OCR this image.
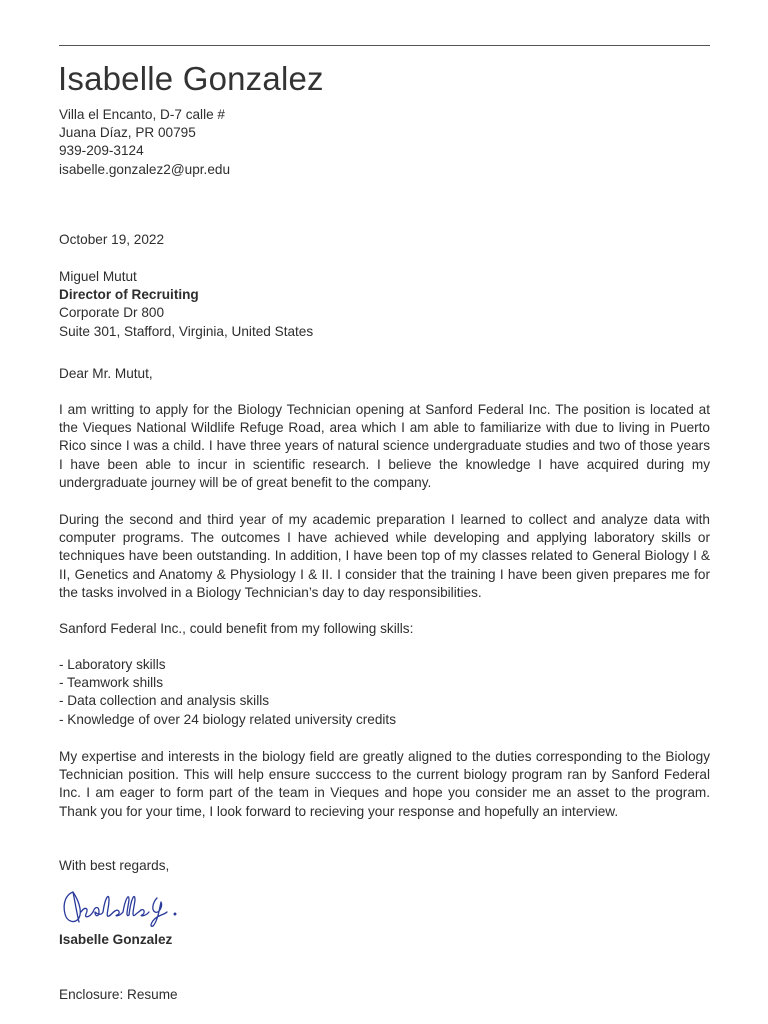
Isabelle Gonzalez
Villa el Encanto, D-7 calle #
Juana Díaz, PR 00795
939-209-3124
isabelle.gonzalez2@upr.edu
October 19, 2022
Miguel Mutut
Director of Recruiting
Corporate Dr 800
Suite 301, Stafford, Virginia, United States
Dear Mr. Mutut,

I am writting to apply for the Biology Technician opening at Sanford Federal Inc. The position is located at the Vieques National Wildlife Refuge Road, area which I am able to familiarize with due to living in Puerto Rico since I was a child. I have three years of natural science undergraduate studies and two of those years I have been able to incur in scientific research. I believe the knowledge I have acquired during my undergraduate journey will be of great benefit to the company.

During the second and third year of my academic preparation I learned to collect and analyze data with computer programs. The outcomes I have achieved while developing and applying laboratory skills or techniques have been outstanding. In addition, I have been top of my classes related to General Biology I & II, Genetics and Anatomy & Physiology I & II. I consider that the training I have been given prepares me for the tasks involved in a Biology Technician’s day to day responsibilities.

Sanford Federal Inc., could benefit from my following skills:

- Laboratory skills
- Teamwork shills
- Data collection and analysis skills
- Knowledge of over 24 biology related university credits

My expertise and interests in the biology field are greatly aligned to the duties corresponding to the Biology Technician position. This will help ensure succcess to the current biology program ran by Sanford Federal Inc. I am eager to form part of the team in Vieques and hope you consider me an asset to the program. Thank you for your time, I look forward to recieving your response and hopefully an interview.

With best regards,
Isabelle Gonzalez
Enclosure: Resume
